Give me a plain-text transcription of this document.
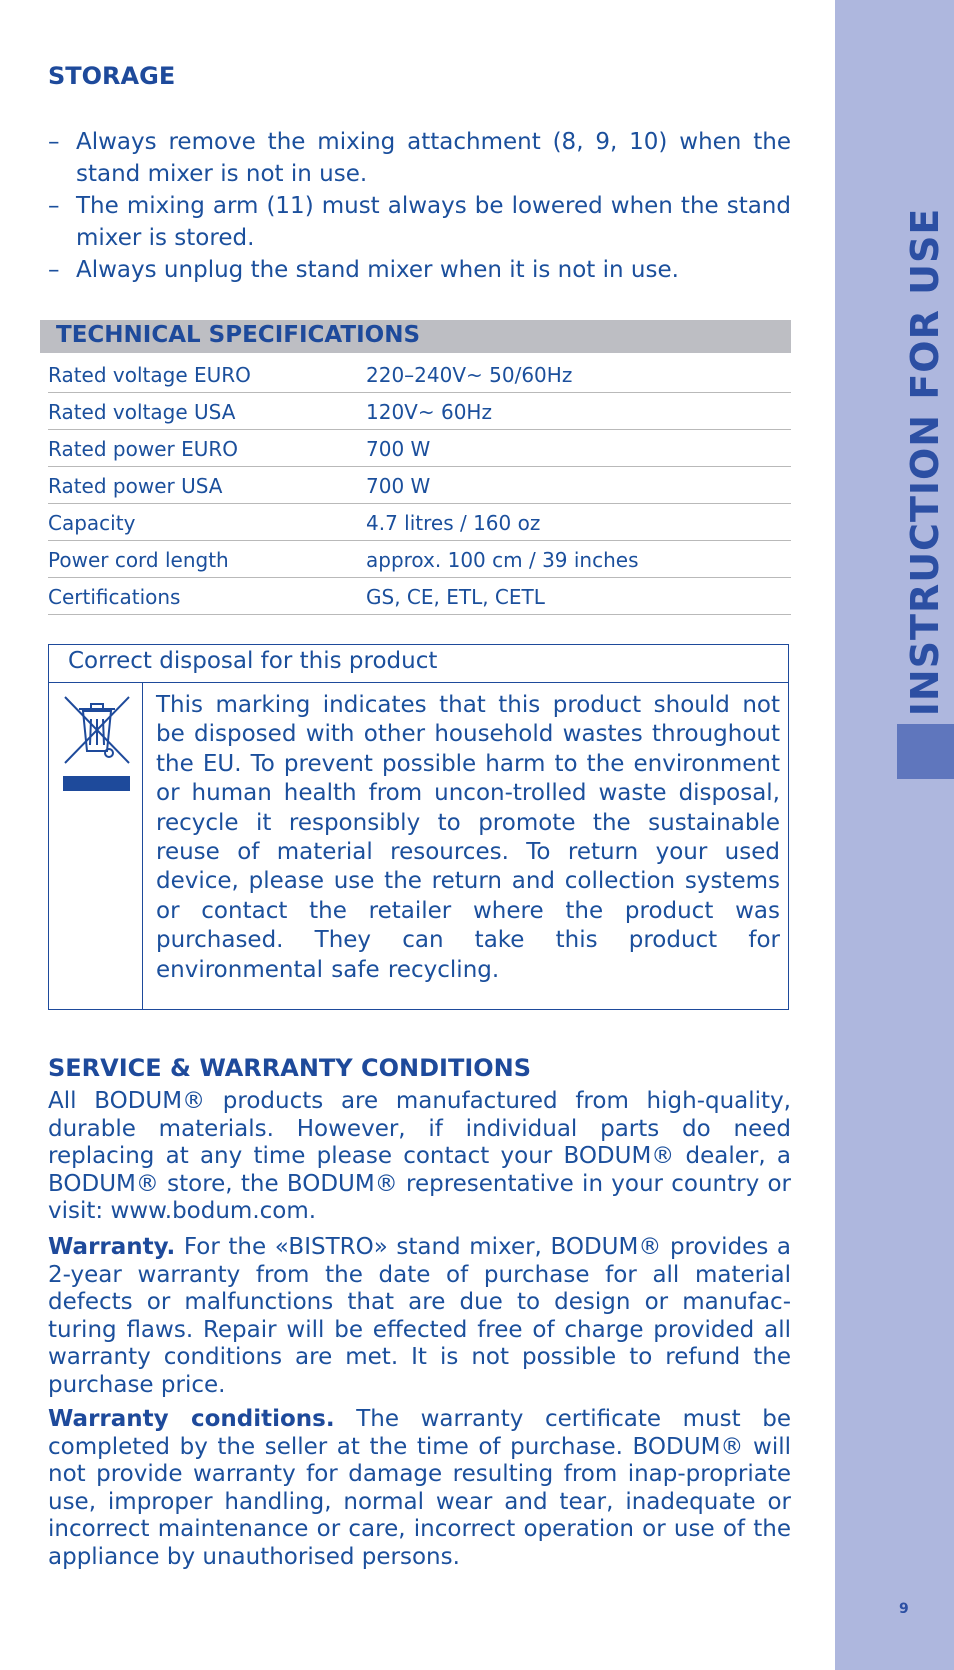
INSTRUCTION FOR USE
9
STORAGE
– Always remove the mixing attachment (8, 9, 10) when the stand mixer is not in use.
– The mixing arm (11) must always be lowered when the stand mixer is stored.
– Always unplug the stand mixer when it is not in use.
TECHNICAL SPECIFICATIONS
Rated voltage EURO	220–240V~ 50/60Hz
Rated voltage USA	120V~ 60Hz
Rated power EURO	700 W
Rated power USA	700 W
Capacity	4.7 litres / 160 oz
Power cord length	approx. 100 cm / 39 inches
Certifications	GS, CE, ETL, CETL
Correct disposal for this product
This marking indicates that this product should not be disposed with other household wastes throughout the EU. To prevent possible harm to the environment or human health from uncon-trolled waste disposal, recycle it responsibly to promote the sustainable reuse of material resources. To return your used device, please use the return and collection systems or contact the retailer where the product was purchased. They can take this product for environmental safe recycling.
SERVICE & WARRANTY CONDITIONS

All BODUM® products are manufactured from high-quality, durable materials. However, if individual parts do need replacing at any time please contact your BODUM® dealer, a BODUM® store, the BODUM® representative in your country or visit: www.bodum.com.

Warranty. For the «BISTRO» stand mixer, BODUM® provides a 2-year warranty from the date of purchase for all material defects or malfunctions that are due to design or manufac-turing flaws. Repair will be effected free of charge provided all warranty conditions are met. It is not possible to refund the purchase price.

Warranty conditions. The warranty certificate must be completed by the seller at the time of purchase. BODUM® will not provide warranty for damage resulting from inap-propriate use, improper handling, normal wear and tear, inadequate or incorrect maintenance or care, incorrect operation or use of the appliance by unauthorised persons.
